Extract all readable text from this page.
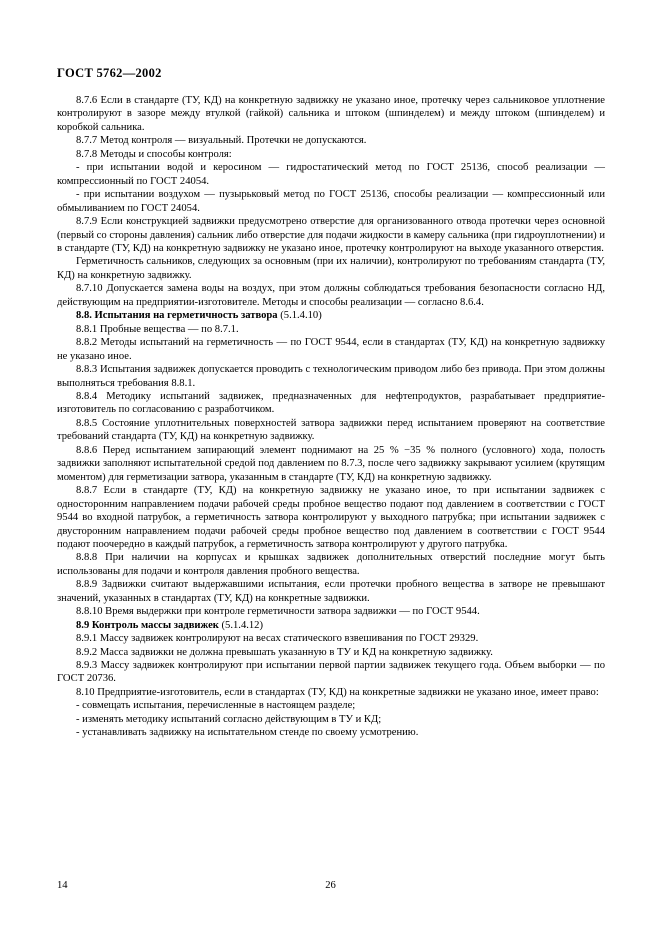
ГОСТ 5762—2002

8.7.6 Если в стандарте (ТУ, КД) на конкретную задвижку не указано иное, протечку через сальниковое уплотнение контролируют в зазоре между втулкой (гайкой) сальника и штоком (шпинделем) и между штоком (шпинделем) и коробкой сальника.

8.7.7 Метод контроля — визуальный. Протечки не допускаются.

8.7.8 Методы и способы контроля:

- при испытании водой и керосином — гидростатический метод по ГОСТ 25136, способ реализации — компрессионный по ГОСТ 24054.

- при испытании воздухом — пузырьковый метод по ГОСТ 25136, способы реализации — компрессионный или обмыливанием по ГОСТ 24054.

8.7.9 Если конструкцией задвижки предусмотрено отверстие для организованного отвода протечки через основной (первый со стороны давления) сальник либо отверстие для подачи жидкости в камеру сальника (при гидроуплотнении) и в стандарте (ТУ, КД) на конкретную задвижку не указано иное, протечку контролируют на выходе указанного отверстия.

Герметичность сальников, следующих за основным (при их наличии), контролируют по требованиям стандарта (ТУ, КД) на конкретную задвижку.

8.7.10 Допускается замена воды на воздух, при этом должны соблюдаться требования безопасности согласно НД, действующим на предприятии-изготовителе. Методы и способы реализации — согласно 8.6.4.

8.8. Испытания на герметичность затвора (5.1.4.10)

8.8.1 Пробные вещества — по 8.7.1.

8.8.2 Методы испытаний на герметичность — по ГОСТ 9544, если в стандартах (ТУ, КД) на конкретную задвижку не указано иное.

8.8.3 Испытания задвижек допускается проводить с технологическим приводом либо без привода. При этом должны выполняться требования 8.8.1.

8.8.4 Методику испытаний задвижек, предназначенных для нефтепродуктов, разрабатывает предприятие-изготовитель по согласованию с разработчиком.

8.8.5 Состояние уплотнительных поверхностей затвора задвижки перед испытанием проверяют на соответствие требований стандарта (ТУ, КД) на конкретную задвижку.

8.8.6 Перед испытанием запирающий элемент поднимают на 25 % −35 % полного (условного) хода, полость задвижки заполняют испытательной средой под давлением по 8.7.3, после чего задвижку закрывают усилием (крутящим моментом) для герметизации затвора, указанным в стандарте (ТУ, КД) на конкретную задвижку.

8.8.7 Если в стандарте (ТУ, КД) на конкретную задвижку не указано иное, то при испытании задвижек с односторонним направлением подачи рабочей среды пробное вещество подают под давлением в соответствии с ГОСТ 9544 во входной патрубок, а герметичность затвора контролируют у выходного патрубка; при испытании задвижек с двусторонним направлением подачи рабочей среды пробное вещество под давлением в соответствии с ГОСТ 9544 подают поочередно в каждый патрубок, а герметичность затвора контролируют у другого патрубка.

8.8.8 При наличии на корпусах и крышках задвижек дополнительных отверстий последние могут быть использованы для подачи и контроля давления пробного вещества.

8.8.9 Задвижки считают выдержавшими испытания, если протечки пробного вещества в затворе не превышают значений, указанных в стандартах (ТУ, КД) на конкретные задвижки.

8.8.10 Время выдержки при контроле герметичности затвора задвижки — по ГОСТ 9544.

8.9 Контроль массы задвижек (5.1.4.12)

8.9.1 Массу задвижек контролируют на весах статического взвешивания по ГОСТ 29329.

8.9.2 Масса задвижки не должна превышать указанную в ТУ и КД на конкретную задвижку.

8.9.3 Массу задвижек контролируют при испытании первой партии задвижек текущего года. Объем выборки — по ГОСТ 20736.

8.10 Предприятие-изготовитель, если в стандартах (ТУ, КД) на конкретные задвижки не указано иное, имеет право:

- совмещать испытания, перечисленные в настоящем разделе;

- изменять методику испытаний согласно действующим в ТУ и КД;

- устанавливать задвижку на испытательном стенде по своему усмотрению.

14	26
